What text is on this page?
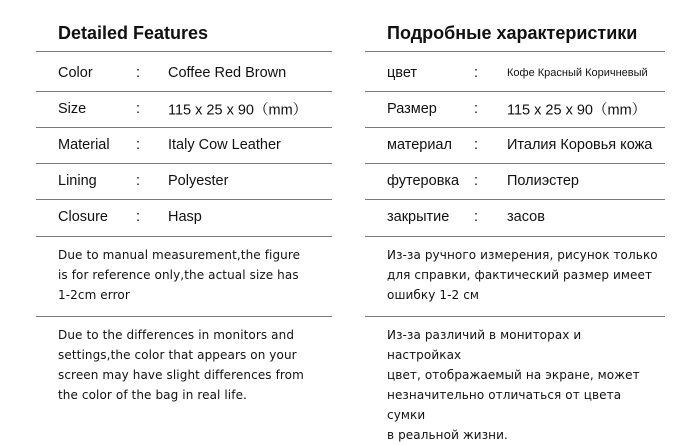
Detailed Features
Color	: Coffee Red Brown
Size	: 115 x 25 x 90（mm）
Material : Italy Cow Leather
Lining	: Polyester
Closure : Hasp
Due to manual measurement,the figure
is for reference only,the actual size has
1-2cm error
Due to the differences in monitors and
settings,the color that appears on your
screen may have slight differences from
the color of the bag in real life.
Подробные характеристики
цвет	:	Кофе Красный Коричневый
Размер	: 115 x 25 x 90（mm）
материал : Италия Коровья кожа
футеровка : Полиэстер
закрытие : засов
Из-за ручного измерения, рисунок только
для справки, фактический размер имеет
ошибку 1-2 см
Из-за различий в мониторах и настройках
цвет, отображаемый на экране, может
незначительно отличаться от цвета сумки
в реальной жизни.
